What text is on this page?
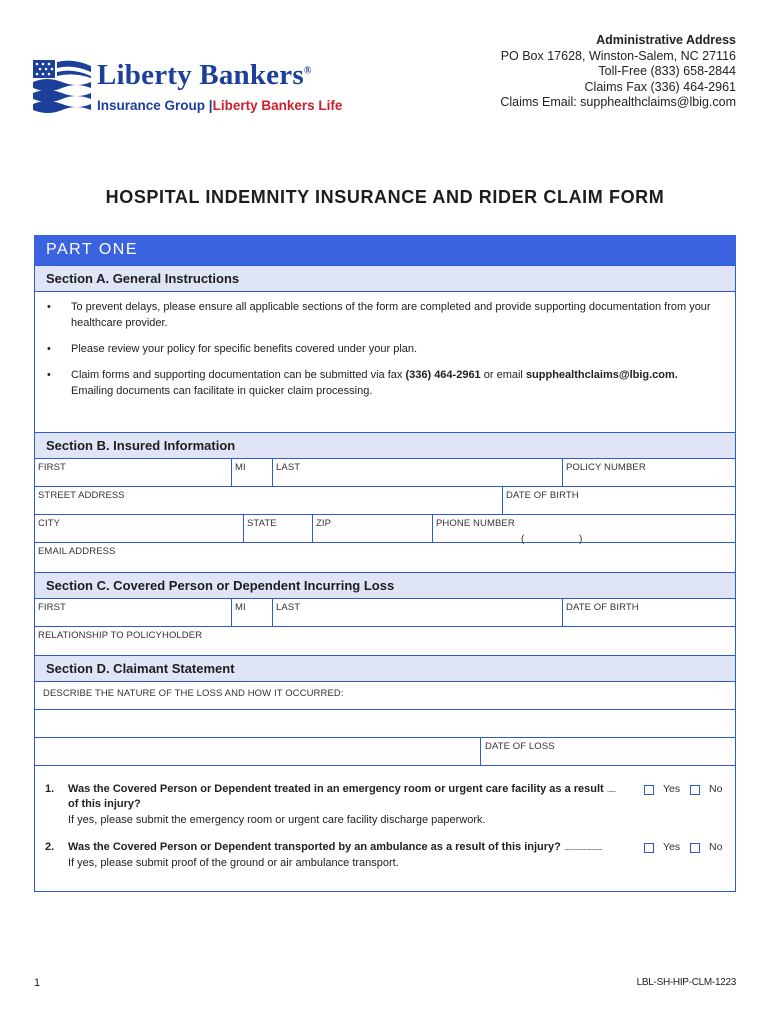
Liberty Bankers®
Insurance Group |Liberty Bankers Life
Administrative Address
PO Box 17628, Winston-Salem, NC 27116
Toll-Free (833) 658-2844
Claims Fax (336) 464-2961
Claims Email: supphealthclaims@lbig.com
HOSPITAL INDEMNITY INSURANCE AND RIDER CLAIM FORM
PART ONE
Section A. General Instructions
• To prevent delays, please ensure all applicable sections of the form are completed and provide supporting documentation from your healthcare provider.
• Please review your policy for specific benefits covered under your plan.
• Claim forms and supporting documentation can be submitted via fax (336) 464-2961 or email supphealthclaims@lbig.com.
Emailing documents can facilitate in quicker claim processing.
Section B. Insured Information
FIRST	MI	LAST	POLICY NUMBER
STREET ADDRESS	DATE OF BIRTH
CITY	STATE	ZIP	PHONE NUMBER
(	)
EMAIL ADDRESS
Section C. Covered Person or Dependent Incurring Loss
FIRST	MI	LAST	DATE OF BIRTH
RELATIONSHIP TO POLICYHOLDER
Section D. Claimant Statement
DESCRIBE THE NATURE OF THE LOSS AND HOW IT OCCURRED:
DATE OF LOSS
1. Was the Covered Person or Dependent treated in an emergency room or urgent care facility as a result .......
of this injury?
If yes, please submit the emergency room or urgent care facility discharge paperwork.
Yes	No
2. Was the Covered Person or Dependent transported by an ambulance as a result of this injury? ...............................
If yes, please submit proof of the ground or air ambulance transport.
Yes	No
1	LBL-SH-HIP-CLM-1223
